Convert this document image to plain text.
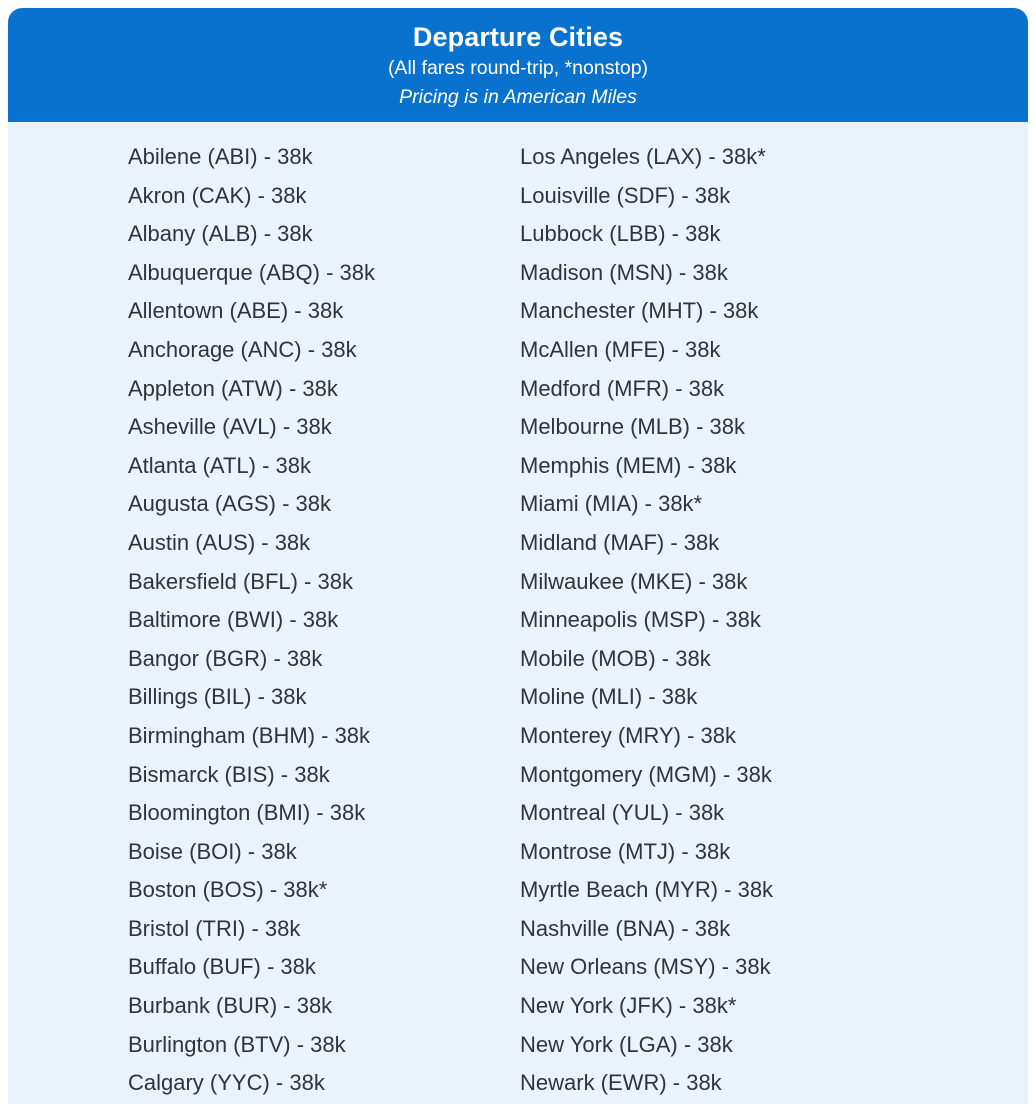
Departure Cities
(All fares round-trip, *nonstop)
Pricing is in American Miles
Abilene (ABI) - 38k
Akron (CAK) - 38k
Albany (ALB) - 38k
Albuquerque (ABQ) - 38k
Allentown (ABE) - 38k
Anchorage (ANC) - 38k
Appleton (ATW) - 38k
Asheville (AVL) - 38k
Atlanta (ATL) - 38k
Augusta (AGS) - 38k
Austin (AUS) - 38k
Bakersfield (BFL) - 38k
Baltimore (BWI) - 38k
Bangor (BGR) - 38k
Billings (BIL) - 38k
Birmingham (BHM) - 38k
Bismarck (BIS) - 38k
Bloomington (BMI) - 38k
Boise (BOI) - 38k
Boston (BOS) - 38k*
Bristol (TRI) - 38k
Buffalo (BUF) - 38k
Burbank (BUR) - 38k
Burlington (BTV) - 38k
Calgary (YYC) - 38k
Los Angeles (LAX) - 38k*
Louisville (SDF) - 38k
Lubbock (LBB) - 38k
Madison (MSN) - 38k
Manchester (MHT) - 38k
McAllen (MFE) - 38k
Medford (MFR) - 38k
Melbourne (MLB) - 38k
Memphis (MEM) - 38k
Miami (MIA) - 38k*
Midland (MAF) - 38k
Milwaukee (MKE) - 38k
Minneapolis (MSP) - 38k
Mobile (MOB) - 38k
Moline (MLI) - 38k
Monterey (MRY) - 38k
Montgomery (MGM) - 38k
Montreal (YUL) - 38k
Montrose (MTJ) - 38k
Myrtle Beach (MYR) - 38k
Nashville (BNA) - 38k
New Orleans (MSY) - 38k
New York (JFK) - 38k*
New York (LGA) - 38k
Newark (EWR) - 38k
